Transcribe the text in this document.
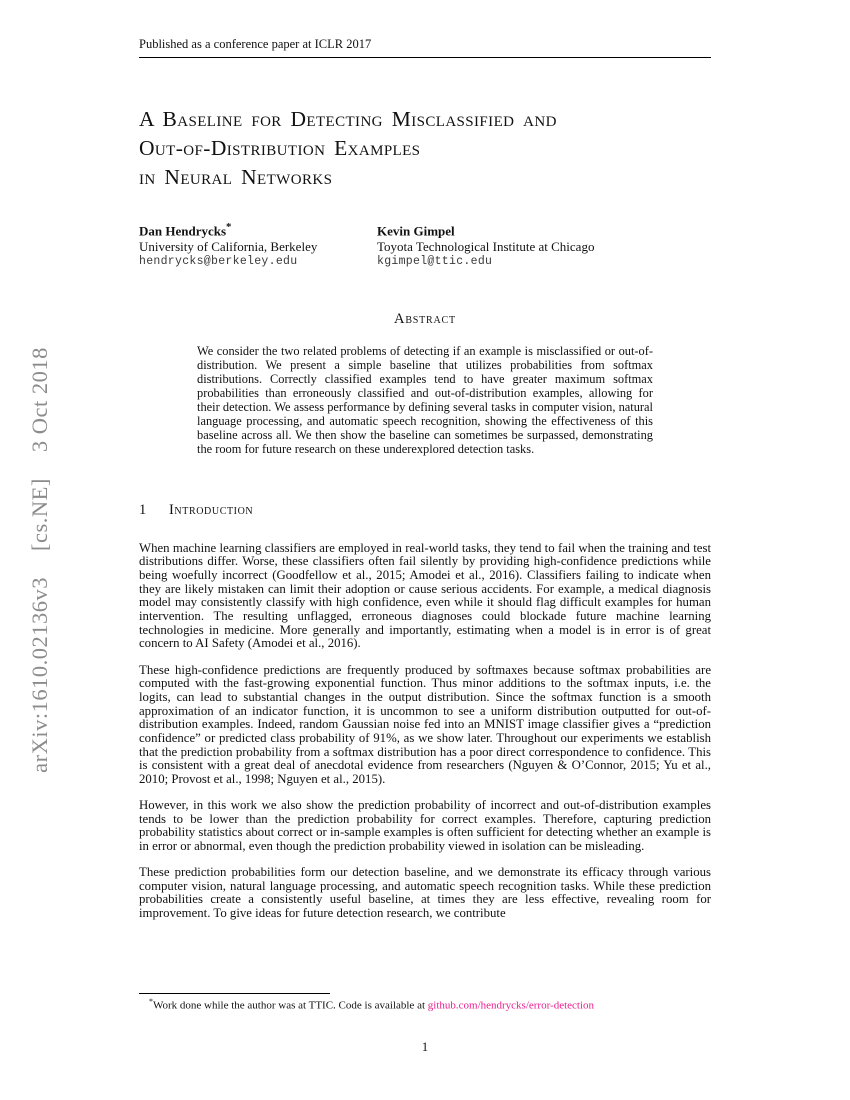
arXiv:1610.02136v3
[cs.NE]
3 Oct 2018
Published as a conference paper at ICLR 2017
A Baseline for Detecting Misclassified and
Out-of-Distribution Examples
in Neural Networks
Dan Hendrycks*
University of California, Berkeley
hendrycks@berkeley.edu
Kevin Gimpel
Toyota Technological Institute at Chicago
kgimpel@ttic.edu
Abstract
We consider the two related problems of detecting if an example is misclassified or out-of-distribution. We present a simple baseline that utilizes probabilities from softmax distributions. Correctly classified examples tend to have greater maximum softmax probabilities than erroneously classified and out-of-distribution examples, allowing for their detection. We assess performance by defining several tasks in computer vision, natural language processing, and automatic speech recognition, showing the effectiveness of this baseline across all. We then show the baseline can sometimes be surpassed, demonstrating the room for future research on these underexplored detection tasks.
1 Introduction

When machine learning classifiers are employed in real-world tasks, they tend to fail when the training and test distributions differ. Worse, these classifiers often fail silently by providing high-confidence predictions while being woefully incorrect (Goodfellow et al., 2015; Amodei et al., 2016). Classifiers failing to indicate when they are likely mistaken can limit their adoption or cause serious accidents. For example, a medical diagnosis model may consistently classify with high confidence, even while it should flag difficult examples for human intervention. The resulting unflagged, erroneous diagnoses could blockade future machine learning technologies in medicine. More generally and importantly, estimating when a model is in error is of great concern to AI Safety (Amodei et al., 2016).

These high-confidence predictions are frequently produced by softmaxes because softmax probabilities are computed with the fast-growing exponential function. Thus minor additions to the softmax inputs, i.e. the logits, can lead to substantial changes in the output distribution. Since the softmax function is a smooth approximation of an indicator function, it is uncommon to see a uniform distribution outputted for out-of-distribution examples. Indeed, random Gaussian noise fed into an MNIST image classifier gives a “prediction confidence” or predicted class probability of 91%, as we show later. Throughout our experiments we establish that the prediction probability from a softmax distribution has a poor direct correspondence to confidence. This is consistent with a great deal of anecdotal evidence from researchers (Nguyen & O’Connor, 2015; Yu et al., 2010; Provost et al., 1998; Nguyen et al., 2015).

However, in this work we also show the prediction probability of incorrect and out-of-distribution examples tends to be lower than the prediction probability for correct examples. Therefore, capturing prediction probability statistics about correct or in-sample examples is often sufficient for detecting whether an example is in error or abnormal, even though the prediction probability viewed in isolation can be misleading.

These prediction probabilities form our detection baseline, and we demonstrate its efficacy through various computer vision, natural language processing, and automatic speech recognition tasks. While these prediction probabilities create a consistently useful baseline, at times they are less effective, revealing room for improvement. To give ideas for future detection research, we contribute

*Work done while the author was at TTIC. Code is available at github.com/hendrycks/error-detection
1
